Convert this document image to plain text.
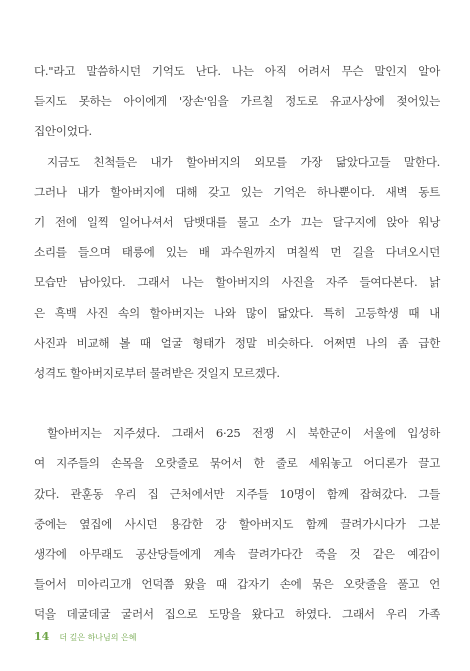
다."라고 말씀하시던 기억도 난다. 나는 아직 어려서 무슨 말인지 알아
듣지도 못하는 아이에게 '장손'임을 가르칠 정도로 유교사상에 젖어있는
집안이었다.
지금도 친척들은 내가 할아버지의 외모를 가장 닮았다고들 말한다.
그러나 내가 할아버지에 대해 갖고 있는 기억은 하나뿐이다. 새벽 동트
기 전에 일찍 일어나셔서 담뱃대를 물고 소가 끄는 달구지에 앉아 워낭
소리를 들으며 태릉에 있는 배 과수원까지 며칠씩 먼 길을 다녀오시던
모습만 남아있다. 그래서 나는 할아버지의 사진을 자주 들여다본다. 낡
은 흑백 사진 속의 할아버지는 나와 많이 닮았다. 특히 고등학생 때 내
사진과 비교해 볼 때 얼굴 형태가 정말 비슷하다. 어쩌면 나의 좀 급한
성격도 할아버지로부터 물려받은 것일지 모르겠다.
할아버지는 지주셨다. 그래서 6·25 전쟁 시 북한군이 서울에 입성하
여 지주들의 손목을 오랏줄로 묶어서 한 줄로 세워놓고 어디론가 끌고
갔다. 관훈동 우리 집 근처에서만 지주들 10명이 함께 잡혀갔다. 그들
중에는 옆집에 사시던 용감한 강 할아버지도 함께 끌려가시다가 그분
생각에 아무래도 공산당들에게 계속 끌려가다간 죽을 것 같은 예감이
들어서 미아리고개 언덕쯤 왔을 때 갑자기 손에 묶은 오랏줄을 풀고 언
덕을 데굴데굴 굴러서 집으로 도망을 왔다고 하였다. 그래서 우리 가족
14 더 깊은 하나님의 은혜
